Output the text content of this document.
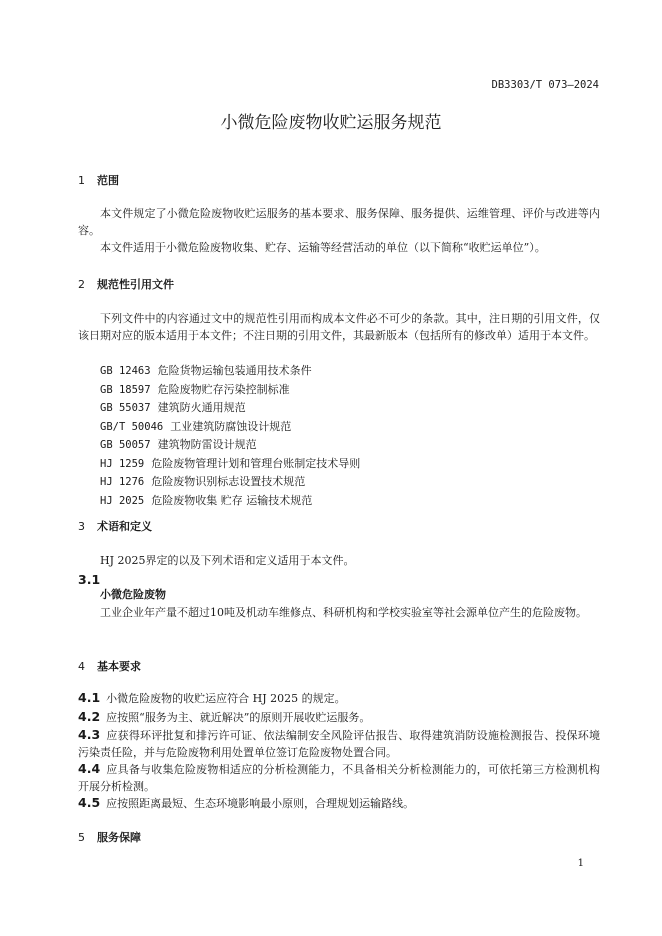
DB3303/T 073—2024
小微危险废物收贮运服务规范
1 范围
本文件规定了小微危险废物收贮运服务的基本要求、服务保障、服务提供、运维管理、评价与改进等内容。
本文件适用于小微危险废物收集、贮存、运输等经营活动的单位（以下简称“收贮运单位”）。
2 规范性引用文件
下列文件中的内容通过文中的规范性引用而构成本文件必不可少的条款。其中，注日期的引用文件，仅该日期对应的版本适用于本文件；不注日期的引用文件，其最新版本（包括所有的修改单）适用于本文件。
GB 12463 危险货物运输包装通用技术条件
GB 18597 危险废物贮存污染控制标准
GB 55037 建筑防火通用规范
GB/T 50046 工业建筑防腐蚀设计规范
GB 50057 建筑物防雷设计规范
HJ 1259 危险废物管理计划和管理台账制定技术导则
HJ 1276 危险废物识别标志设置技术规范
HJ 2025 危险废物收集 贮存 运输技术规范
3 术语和定义
HJ 2025界定的以及下列术语和定义适用于本文件。
3.1
小微危险废物
工业企业年产量不超过10吨及机动车维修点、科研机构和学校实验室等社会源单位产生的危险废物。
4 基本要求
4.1 小微危险废物的收贮运应符合 HJ 2025 的规定。
4.2 应按照“服务为主、就近解决”的原则开展收贮运服务。
4.3 应获得环评批复和排污许可证、依法编制安全风险评估报告、取得建筑消防设施检测报告、投保环境污染责任险，并与危险废物利用处置单位签订危险废物处置合同。
4.4 应具备与收集危险废物相适应的分析检测能力，不具备相关分析检测能力的，可依托第三方检测机构开展分析检测。
4.5 应按照距离最短、生态环境影响最小原则，合理规划运输路线。
5 服务保障
1
